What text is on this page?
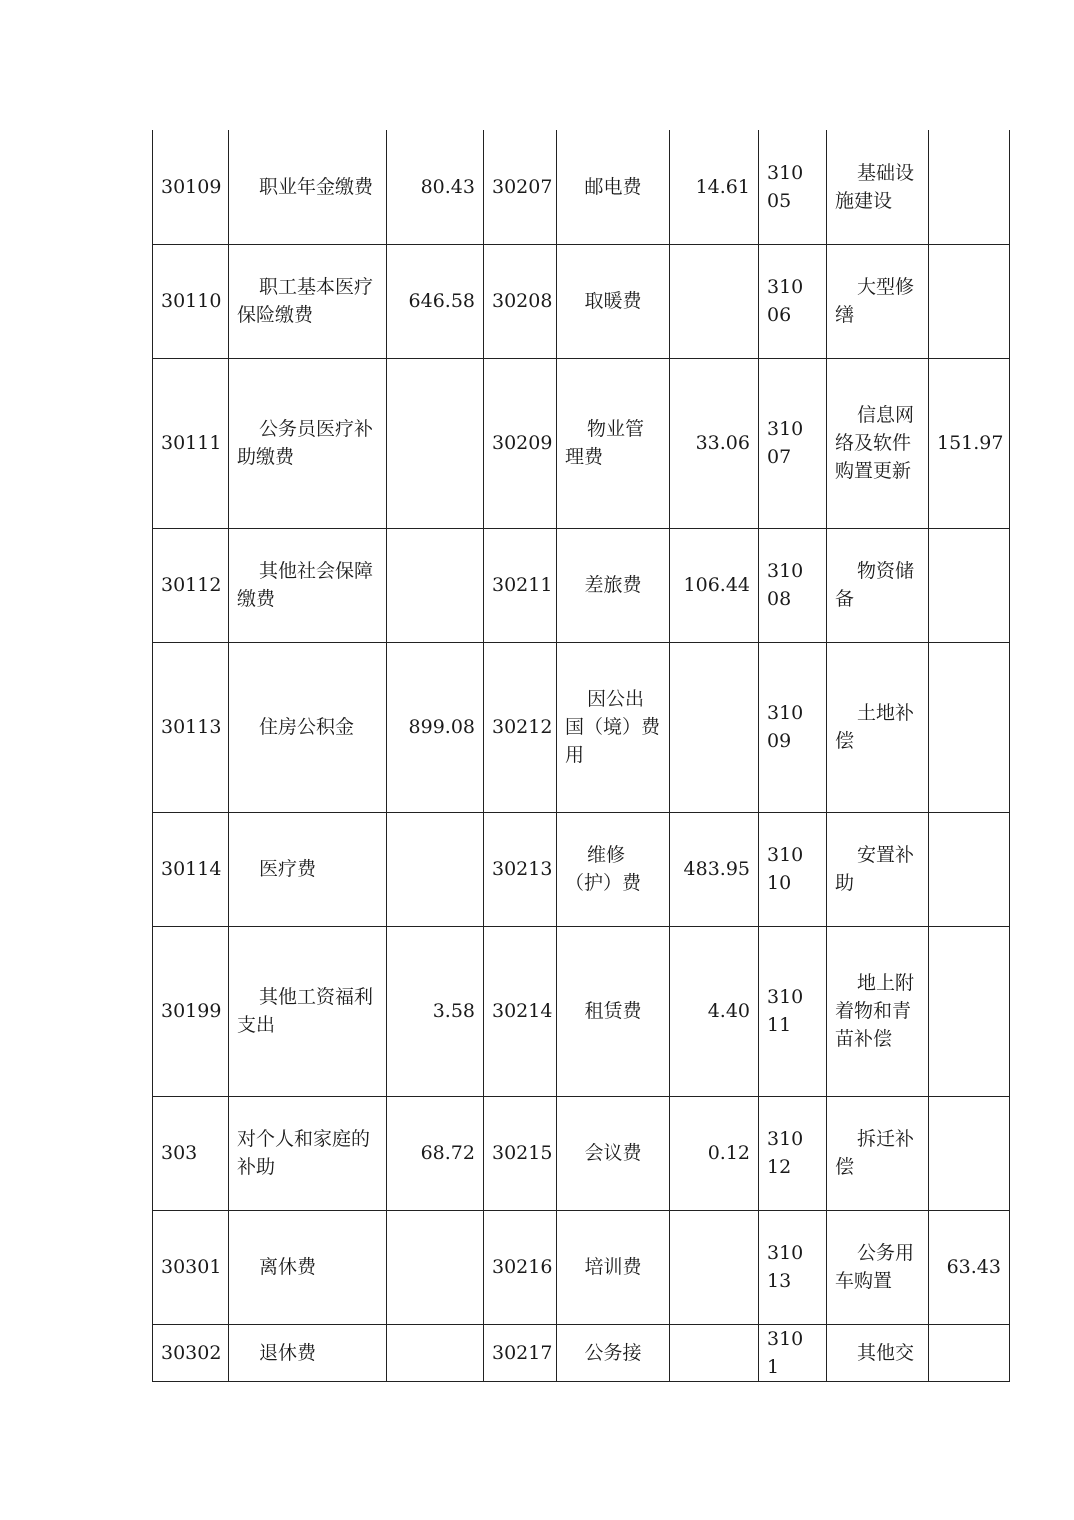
30109	职业年金缴费	80.43	30207	邮电费	14.61	31005	基础设施建设	

30110	职工基本医疗保险缴费	646.58	30208	取暖费		31006	大型修缮	

30111	公务员医疗补助缴费		30209	物业管理费	33.06	31007	信息网络及软件购置更新	151.97
30112	其他社会保障缴费		30211	差旅费	106.44	31008	物资储备	

30113	住房公积金	899.08	30212	因公出国（境）费用		31009	土地补偿	

30114	医疗费		30213	维修（护）费	483.95	31010	安置补助	

30199	其他工资福利支出	3.58	30214	租赁费	4.40	31011	地上附着物和青苗补偿	

303	对个人和家庭的补助	68.72	30215	会议费	0.12	31012	拆迁补偿	

30301	离休费		30216	培训费		31013	公务用车购置	63.43
30302	退休费		30217	公务接		3101	其他交	
